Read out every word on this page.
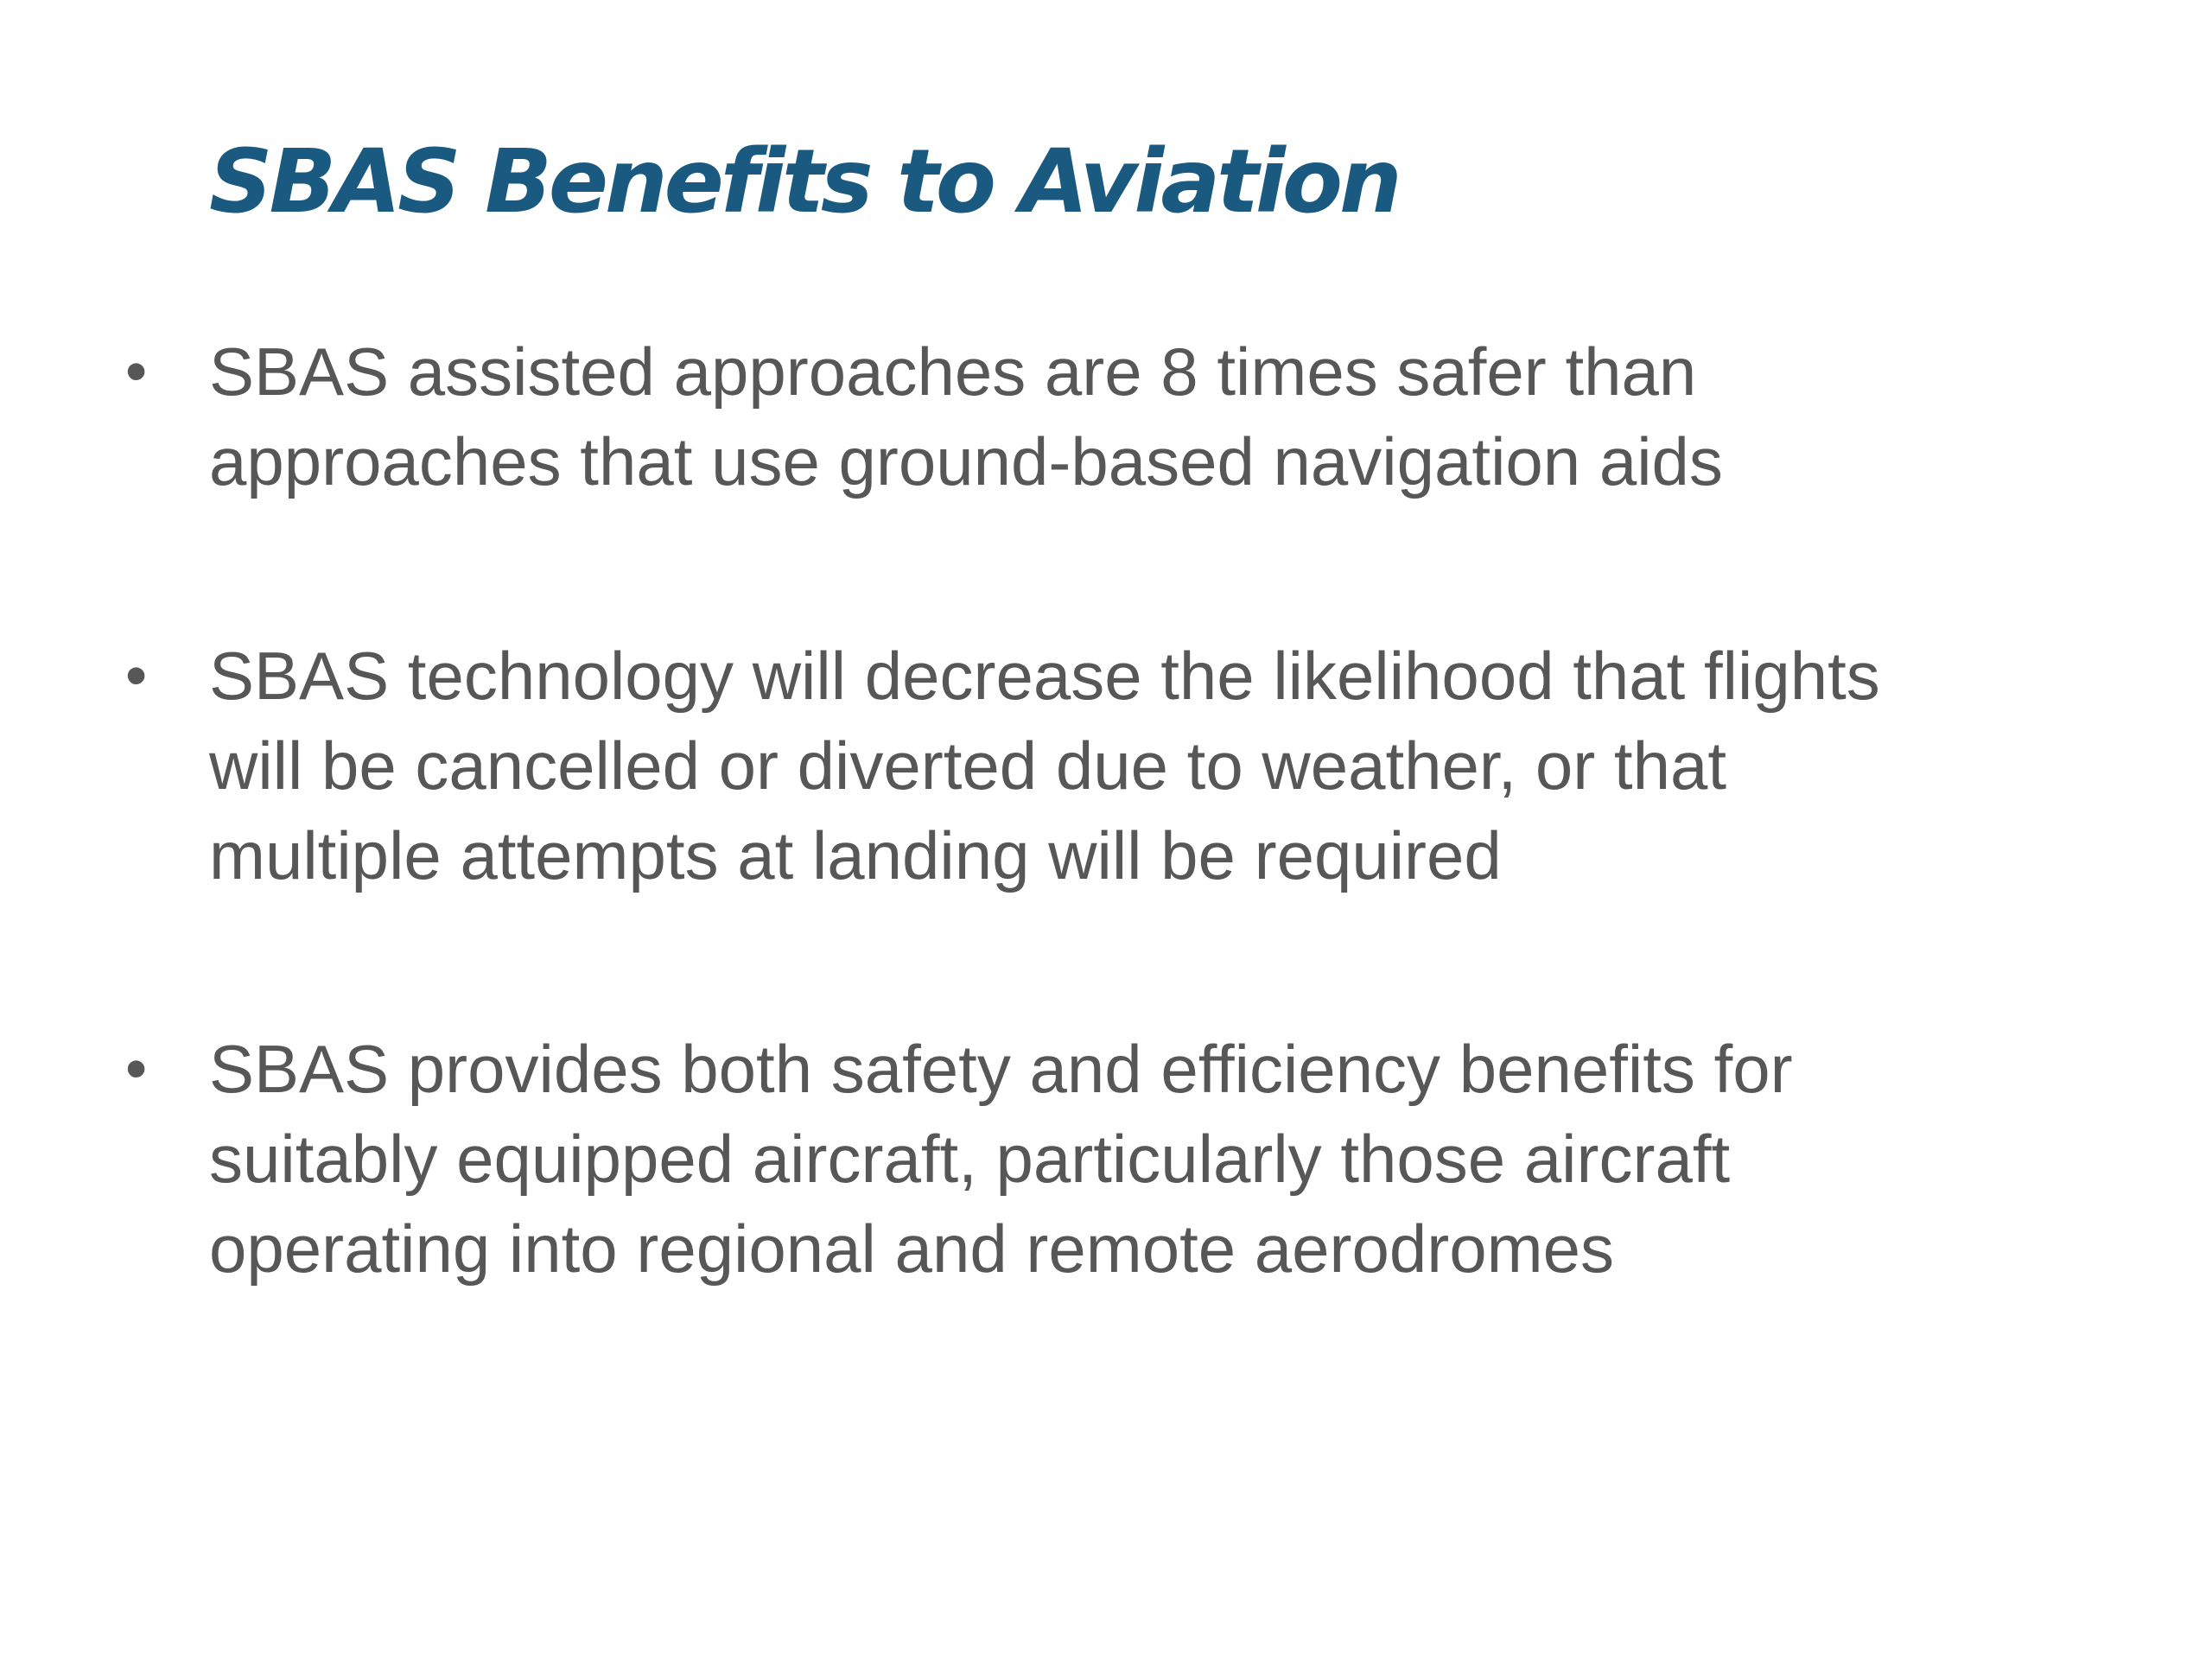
SBAS Benefits to Aviation
• SBAS assisted approaches are 8 times safer than
approaches that use ground-based navigation aids
• SBAS technology will decrease the likelihood that flights
will be cancelled or diverted due to weather, or that
multiple attempts at landing will be required
• SBAS provides both safety and efficiency benefits for
suitably equipped aircraft, particularly those aircraft
operating into regional and remote aerodromes
